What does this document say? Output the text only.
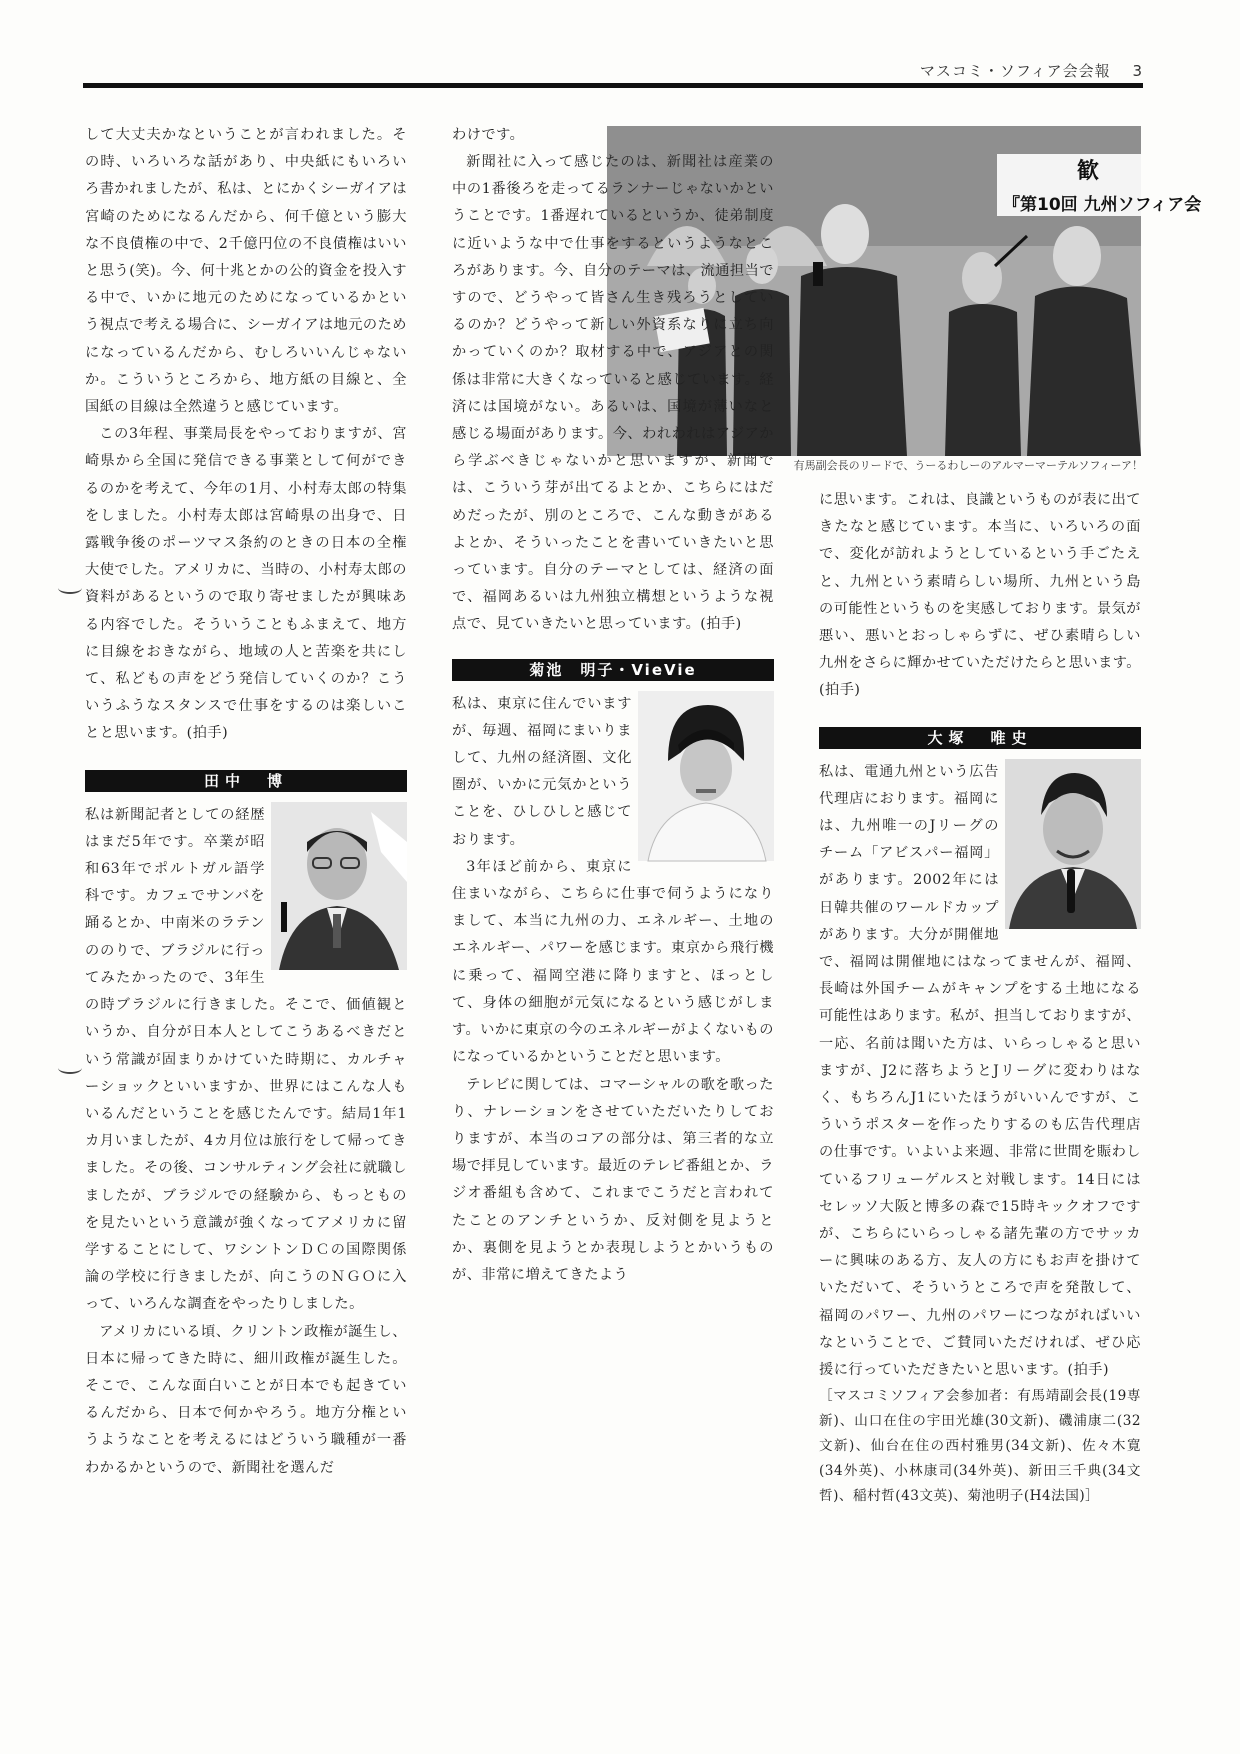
マスコミ・ソフィア会会報　 3

して大丈夫かなということが言われました。その時、いろいろな話があり、中央紙にもいろいろ書かれましたが、私は、とにかくシーガイアは宮崎のためになるんだから、何千億という膨大な不良債権の中で、2千億円位の不良債権はいいと思う(笑)。今、何十兆とかの公的資金を投入する中で、いかに地元のためになっているかという視点で考える場合に、シーガイアは地元のためになっているんだから、むしろいいんじゃないか。こういうところから、地方紙の目線と、全国紙の目線は全然違うと感じています。

この3年程、事業局長をやっておりますが、宮崎県から全国に発信できる事業として何ができるのかを考えて、今年の1月、小村寿太郎の特集をしました。小村寿太郎は宮崎県の出身で、日露戦争後のポーツマス条約のときの日本の全権大使でした。アメリカに、当時の、小村寿太郎の資料があるというので取り寄せましたが興味ある内容でした。そういうこともふまえて、地方に目線をおきながら、地域の人と苦楽を共にして、私どもの声をどう発信していくのか？こういうふうなスタンスで仕事をするのは楽しいことと思います。(拍手)

田中　博

私は新聞記者としての経歴はまだ5年です。卒業が昭和63年でポルトガル語学科です。カフェでサンバを踊るとか、中南米のラテンののりで、ブラジルに行ってみたかったので、3年生の時ブラジルに行きました。そこで、価値観というか、自分が日本人としてこうあるべきだという常識が固まりかけていた時期に、カルチャーショックといいますか、世界にはこんな人もいるんだということを感じたんです。結局1年1カ月いましたが、4カ月位は旅行をして帰ってきました。その後、コンサルティング会社に就職しましたが、ブラジルでの経験から、もっとものを見たいという意識が強くなってアメリカに留学することにして、ワシントンＤＣの国際関係論の学校に行きましたが、向こうのＮＧＯに入って、いろんな調査をやったりしました。

アメリカにいる頃、クリントン政権が誕生し、日本に帰ってきた時に、細川政権が誕生した。そこで、こんな面白いことが日本でも起きているんだから、日本で何かやろう。地方分権というようなことを考えるにはどういう職種が一番わかるかというので、新聞社を選んだ

歓
『第10回 九州ソフィア会
有馬副会長のリードで、うーるわしーのアルマーマーテルソフィーア！

わけです。

新聞社に入って感じたのは、新聞社は産業の中の1番後ろを走ってるランナーじゃないかということです。1番遅れているというか、徒弟制度に近いような中で仕事をするというようなところがあります。今、自分のテーマは、流通担当ですので、どうやって皆さん生き残ろうとしているのか？どうやって新しい外資系なりに立ち向かっていくのか？取材する中で、アジアとの関係は非常に大きくなっていると感じています。経済には国境がない。あるいは、国境が薄いなと感じる場面があります。今、われわれはアジアから学ぶべきじゃないかと思いますが、新聞では、こういう芽が出てるよとか、こちらにはだめだったが、別のところで、こんな動きがあるよとか、そういったことを書いていきたいと思っています。自分のテーマとしては、経済の面で、福岡あるいは九州独立構想というような視点で、見ていきたいと思っています。(拍手)

菊池　明子・VieVie

私は、東京に住んでいますが、毎週、福岡にまいりまして、九州の経済圏、文化圏が、いかに元気かということを、ひしひしと感じております。

3年ほど前から、東京に住まいながら、こちらに仕事で伺うようになりまして、本当に九州の力、エネルギー、土地のエネルギー、パワーを感じます。東京から飛行機に乗って、福岡空港に降りますと、ほっとして、身体の細胞が元気になるという感じがします。いかに東京の今のエネルギーがよくないものになっているかということだと思います。

テレビに関しては、コマーシャルの歌を歌ったり、ナレーションをさせていただいたりしておりますが、本当のコアの部分は、第三者的な立場で拝見しています。最近のテレビ番組とか、ラジオ番組も含めて、これまでこうだと言われてたことのアンチというか、反対側を見ようとか、裏側を見ようとか表現しようとかいうものが、非常に増えてきたよう

に思います。これは、良識というものが表に出てきたなと感じています。本当に、いろいろの面で、変化が訪れようとしているという手ごたえと、九州という素晴らしい場所、九州という島の可能性というものを実感しております。景気が悪い、悪いとおっしゃらずに、ぜひ素晴らしい九州をさらに輝かせていただけたらと思います。(拍手)

大塚　唯史

私は、電通九州という広告代理店におります。福岡には、九州唯一のJリーグのチーム「アビスパー福岡」があります。2002年には日韓共催のワールドカップがあります。大分が開催地で、福岡は開催地にはなってませんが、福岡、長崎は外国チームがキャンプをする土地になる可能性はあります。私が、担当しておりますが、一応、名前は聞いた方は、いらっしゃると思いますが、J2に落ちようとJリーグに変わりはなく、もちろんJ1にいたほうがいいんですが、こういうポスターを作ったりするのも広告代理店の仕事です。いよいよ来週、非常に世間を賑わしているフリューゲルスと対戦します。14日にはセレッソ大阪と博多の森で15時キックオフですが、こちらにいらっしゃる諸先輩の方でサッカーに興味のある方、友人の方にもお声を掛けていただいて、そういうところで声を発散して、福岡のパワー、九州のパワーにつながればいいなということで、ご賛同いただければ、ぜひ応援に行っていただきたいと思います。(拍手)

［マスコミソフィア会参加者：有馬靖副会長(19専新)、山口在住の宇田光雄(30文新)、磯浦康二(32文新)、仙台在住の西村雅男(34文新)、佐々木寛(34外英)、小林康司(34外英)、新田三千典(34文哲)、稲村哲(43文英)、菊池明子(H4法国)］
